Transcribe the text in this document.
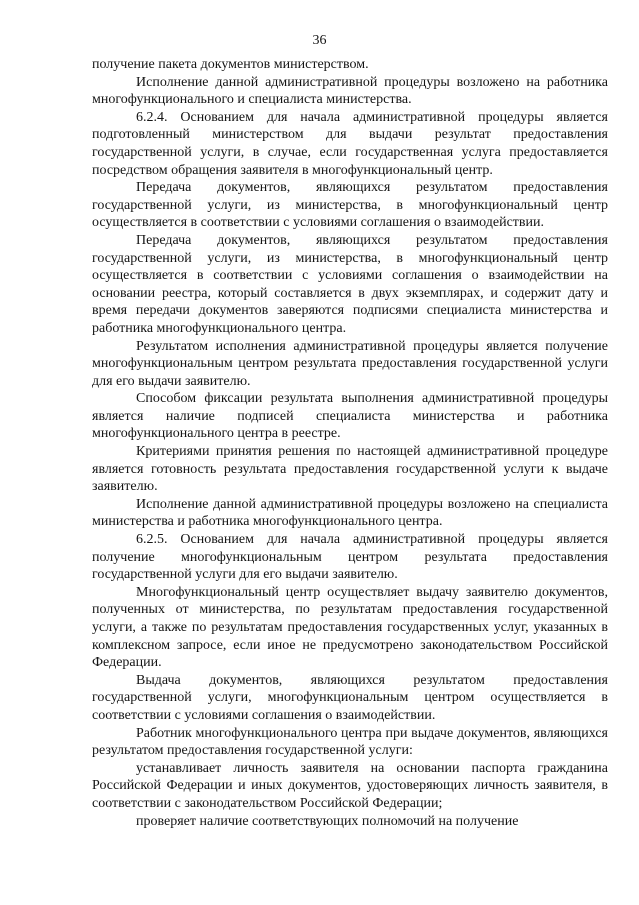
36

получение пакета документов министерством.

Исполнение данной административной процедуры возложено на работника многофункционального и специалиста министерства.

6.2.4. Основанием для начала административной процедуры является подготовленный министерством для выдачи результат предоставления государственной услуги, в случае, если государственная услуга предоставляется посредством обращения заявителя в многофункциональный центр.

Передача документов, являющихся результатом предоставления государственной услуги, из министерства, в многофункциональный центр осуществляется в соответствии с условиями соглашения о взаимодействии.

Передача документов, являющихся результатом предоставления государственной услуги, из министерства, в многофункциональный центр осуществляется в соответствии с условиями соглашения о взаимодействии на основании реестра, который составляется в двух экземплярах, и содержит дату и время передачи документов заверяются подписями специалиста министерства и работника многофункционального центра.

Результатом исполнения административной процедуры является получение многофункциональным центром результата предоставления государственной услуги для его выдачи заявителю.

Способом фиксации результата выполнения административной процедуры является наличие подписей специалиста министерства и работника многофункционального центра в реестре.

Критериями принятия решения по настоящей административной процедуре является готовность результата предоставления государственной услуги к выдаче заявителю.

Исполнение данной административной процедуры возложено на специалиста министерства и работника многофункционального центра.

6.2.5. Основанием для начала административной процедуры является получение многофункциональным центром результата предоставления государственной услуги для его выдачи заявителю.

Многофункциональный центр осуществляет выдачу заявителю документов, полученных от министерства, по результатам предоставления государственной услуги, а также по результатам предоставления государственных услуг, указанных в комплексном запросе, если иное не предусмотрено законодательством Российской Федерации.

Выдача документов, являющихся результатом предоставления государственной услуги, многофункциональным центром осуществляется в соответствии с условиями соглашения о взаимодействии.

Работник многофункционального центра при выдаче документов, являющихся результатом предоставления государственной услуги:

устанавливает личность заявителя на основании паспорта гражданина Российской Федерации и иных документов, удостоверяющих личность заявителя, в соответствии с законодательством Российской Федерации;

проверяет наличие соответствующих полномочий на получение
